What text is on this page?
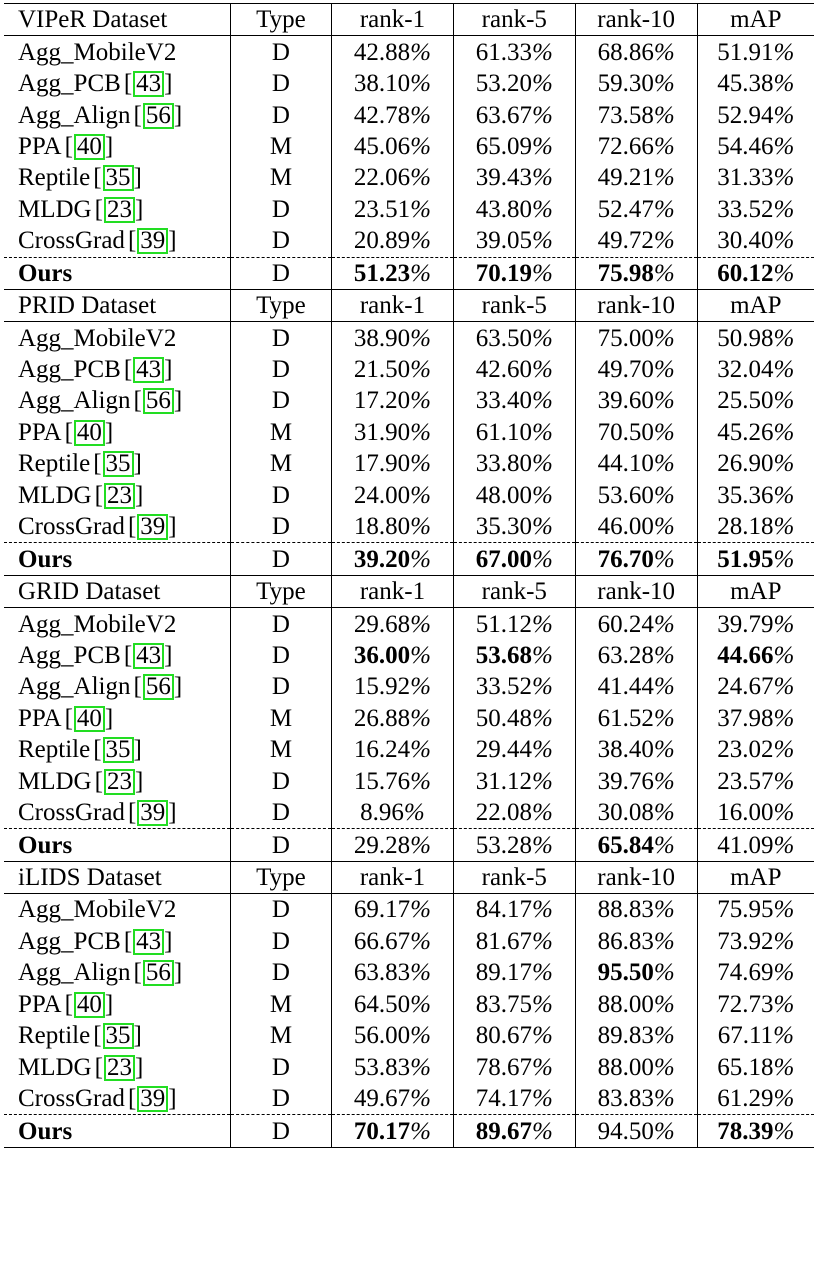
VIPeR Dataset	Type	rank-1	rank-5	rank-10	mAP
Agg_MobileV2	D	42.88%	61.33%	68.86%	51.91%
Agg_PCB [ 43 ]	D	38.10%	53.20%	59.30%	45.38%
Agg_Align [ 56 ]	D	42.78%	63.67%	73.58%	52.94%
PPA [ 40 ]	M	45.06%	65.09%	72.66%	54.46%
Reptile [ 35 ]	M	22.06%	39.43%	49.21%	31.33%
MLDG [ 23 ]	D	23.51%	43.80%	52.47%	33.52%
CrossGrad [ 39 ]	D	20.89%	39.05%	49.72%	30.40%
Ours	D	51.23%	70.19%	75.98%	60.12%
PRID Dataset	Type	rank-1	rank-5	rank-10	mAP
Agg_MobileV2	D	38.90%	63.50%	75.00%	50.98%
Agg_PCB [ 43 ]	D	21.50%	42.60%	49.70%	32.04%
Agg_Align [ 56 ]	D	17.20%	33.40%	39.60%	25.50%
PPA [ 40 ]	M	31.90%	61.10%	70.50%	45.26%
Reptile [ 35 ]	M	17.90%	33.80%	44.10%	26.90%
MLDG [ 23 ]	D	24.00%	48.00%	53.60%	35.36%
CrossGrad [ 39 ]	D	18.80%	35.30%	46.00%	28.18%
Ours	D	39.20%	67.00%	76.70%	51.95%
GRID Dataset	Type	rank-1	rank-5	rank-10	mAP
Agg_MobileV2	D	29.68%	51.12%	60.24%	39.79%
Agg_PCB [ 43 ]	D	36.00%	53.68%	63.28%	44.66%
Agg_Align [ 56 ]	D	15.92%	33.52%	41.44%	24.67%
PPA [ 40 ]	M	26.88%	50.48%	61.52%	37.98%
Reptile [ 35 ]	M	16.24%	29.44%	38.40%	23.02%
MLDG [ 23 ]	D	15.76%	31.12%	39.76%	23.57%
CrossGrad [ 39 ]	D	8.96%	22.08%	30.08%	16.00%
Ours	D	29.28%	53.28%	65.84%	41.09%
iLIDS Dataset	Type	rank-1	rank-5	rank-10	mAP
Agg_MobileV2	D	69.17%	84.17%	88.83%	75.95%
Agg_PCB [ 43 ]	D	66.67%	81.67%	86.83%	73.92%
Agg_Align [ 56 ]	D	63.83%	89.17%	95.50%	74.69%
PPA [ 40 ]	M	64.50%	83.75%	88.00%	72.73%
Reptile [ 35 ]	M	56.00%	80.67%	89.83%	67.11%
MLDG [ 23 ]	D	53.83%	78.67%	88.00%	65.18%
CrossGrad [ 39 ]	D	49.67%	74.17%	83.83%	61.29%
Ours	D	70.17%	89.67%	94.50%	78.39%
